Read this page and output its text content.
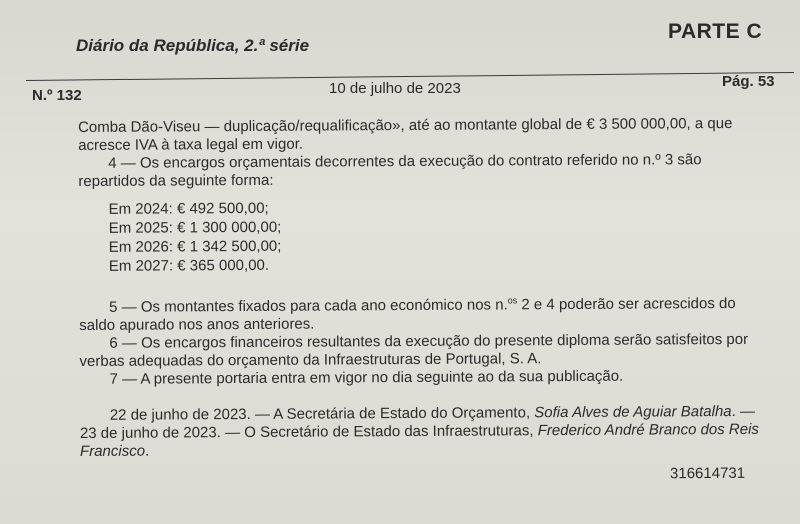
Diário da República, 2.ª série
PARTE C
N.º 132	10 de julho de 2023	Pág. 53

Comba Dão-Viseu — duplicação/requalificação», até ao montante global de € 3 500 000,00, a que acresce IVA à taxa legal em vigor.

4 — Os encargos orçamentais decorrentes da execução do contrato referido no n.º 3 são repartidos da seguinte forma:

Em 2024: € 492 500,00;

Em 2025: € 1 300 000,00;

Em 2026: € 1 342 500,00;

Em 2027: € 365 000,00.

5 — Os montantes fixados para cada ano económico nos n.$^{os}$ 2 e 4 poderão ser acrescidos do saldo apurado nos anos anteriores.

6 — Os encargos financeiros resultantes da execução do presente diploma serão satisfeitos por verbas adequadas do orçamento da Infraestruturas de Portugal, S. A.

7 — A presente portaria entra em vigor no dia seguinte ao da sua publicação.

22 de junho de 2023. — A Secretária de Estado do Orçamento, Sofia Alves de Aguiar Batalha. — 23 de junho de 2023. — O Secretário de Estado das Infraestruturas, Frederico André Branco dos Reis Francisco.

316614731
